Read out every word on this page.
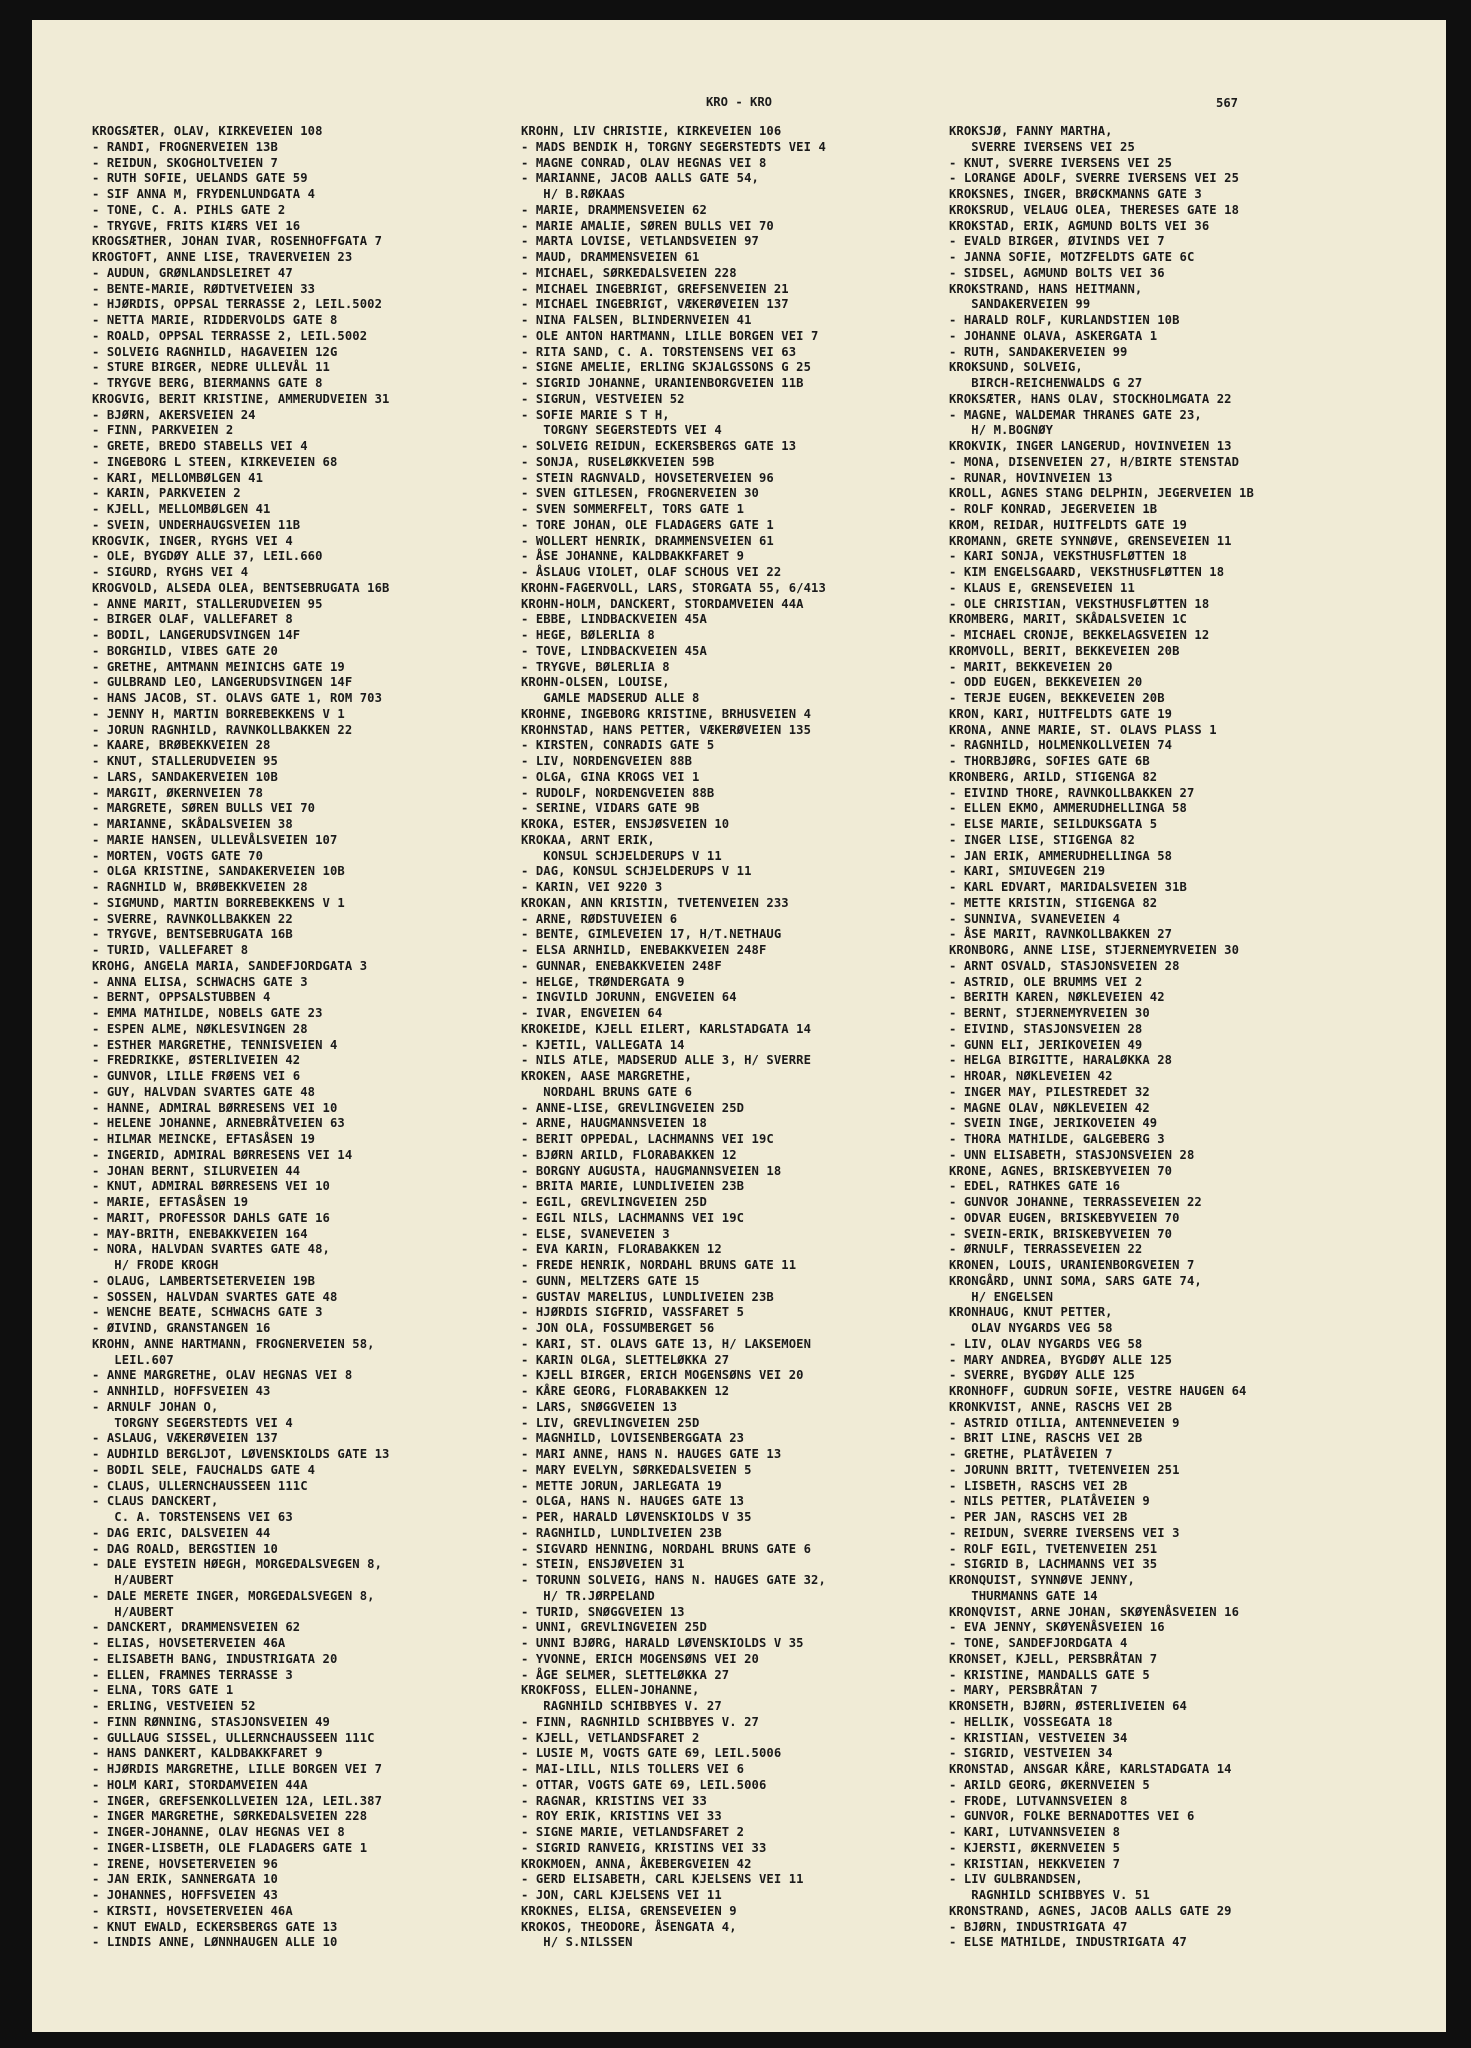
KRO - KRO	567
KROGSÆTER, OLAV, KIRKEVEIEN 108
- RANDI, FROGNERVEIEN 13B
- REIDUN, SKOGHOLTVEIEN 7
- RUTH SOFIE, UELANDS GATE 59
- SIF ANNA M, FRYDENLUNDGATA 4
- TONE, C. A. PIHLS GATE 2
- TRYGVE, FRITS KIÆRS VEI 16
KROGSÆTHER, JOHAN IVAR, ROSENHOFFGATA 7
KROGTOFT, ANNE LISE, TRAVERVEIEN 23
- AUDUN, GRØNLANDSLEIRET 47
- BENTE-MARIE, RØDTVETVEIEN 33
- HJØRDIS, OPPSAL TERRASSE 2, LEIL.5002
- NETTA MARIE, RIDDERVOLDS GATE 8
- ROALD, OPPSAL TERRASSE 2, LEIL.5002
- SOLVEIG RAGNHILD, HAGAVEIEN 12G
- STURE BIRGER, NEDRE ULLEVÅL 11
- TRYGVE BERG, BIERMANNS GATE 8
KROGVIG, BERIT KRISTINE, AMMERUDVEIEN 31
- BJØRN, AKERSVEIEN 24
- FINN, PARKVEIEN 2
- GRETE, BREDO STABELLS VEI 4
- INGEBORG L STEEN, KIRKEVEIEN 68
- KARI, MELLOMBØLGEN 41
- KARIN, PARKVEIEN 2
- KJELL, MELLOMBØLGEN 41
- SVEIN, UNDERHAUGSVEIEN 11B
KROGVIK, INGER, RYGHS VEI 4
- OLE, BYGDØY ALLE 37, LEIL.660
- SIGURD, RYGHS VEI 4
KROGVOLD, ALSEDA OLEA, BENTSEBRUGATA 16B
- ANNE MARIT, STALLERUDVEIEN 95
- BIRGER OLAF, VALLEFARET 8
- BODIL, LANGERUDSVINGEN 14F
- BORGHILD, VIBES GATE 20
- GRETHE, AMTMANN MEINICHS GATE 19
- GULBRAND LEO, LANGERUDSVINGEN 14F
- HANS JACOB, ST. OLAVS GATE 1, ROM 703
- JENNY H, MARTIN BORREBEKKENS V 1
- JORUN RAGNHILD, RAVNKOLLBAKKEN 22
- KAARE, BRØBEKKVEIEN 28
- KNUT, STALLERUDVEIEN 95
- LARS, SANDAKERVEIEN 10B
- MARGIT, ØKERNVEIEN 78
- MARGRETE, SØREN BULLS VEI 70
- MARIANNE, SKÅDALSVEIEN 38
- MARIE HANSEN, ULLEVÅLSVEIEN 107
- MORTEN, VOGTS GATE 70
- OLGA KRISTINE, SANDAKERVEIEN 10B
- RAGNHILD W, BRØBEKKVEIEN 28
- SIGMUND, MARTIN BORREBEKKENS V 1
- SVERRE, RAVNKOLLBAKKEN 22
- TRYGVE, BENTSEBRUGATA 16B
- TURID, VALLEFARET 8
KROHG, ANGELA MARIA, SANDEFJORDGATA 3
- ANNA ELISA, SCHWACHS GATE 3
- BERNT, OPPSALSTUBBEN 4
- EMMA MATHILDE, NOBELS GATE 23
- ESPEN ALME, NØKLESVINGEN 28
- ESTHER MARGRETHE, TENNISVEIEN 4
- FREDRIKKE, ØSTERLIVEIEN 42
- GUNVOR, LILLE FRØENS VEI 6
- GUY, HALVDAN SVARTES GATE 48
- HANNE, ADMIRAL BØRRESENS VEI 10
- HELENE JOHANNE, ARNEBRÅTVEIEN 63
- HILMAR MEINCKE, EFTASÅSEN 19
- INGERID, ADMIRAL BØRRESENS VEI 14
- JOHAN BERNT, SILURVEIEN 44
- KNUT, ADMIRAL BØRRESENS VEI 10
- MARIE, EFTASÅSEN 19
- MARIT, PROFESSOR DAHLS GATE 16
- MAY-BRITH, ENEBAKKVEIEN 164
- NORA, HALVDAN SVARTES GATE 48,
H/ FRODE KROGH
- OLAUG, LAMBERTSETERVEIEN 19B
- SOSSEN, HALVDAN SVARTES GATE 48
- WENCHE BEATE, SCHWACHS GATE 3
- ØIVIND, GRANSTANGEN 16
KROHN, ANNE HARTMANN, FROGNERVEIEN 58,
LEIL.607
- ANNE MARGRETHE, OLAV HEGNAS VEI 8
- ANNHILD, HOFFSVEIEN 43
- ARNULF JOHAN O,
TORGNY SEGERSTEDTS VEI 4
- ASLAUG, VÆKERØVEIEN 137
- AUDHILD BERGLJOT, LØVENSKIOLDS GATE 13
- BODIL SELE, FAUCHALDS GATE 4
- CLAUS, ULLERNCHAUSSEEN 111C
- CLAUS DANCKERT,
C. A. TORSTENSENS VEI 63
- DAG ERIC, DALSVEIEN 44
- DAG ROALD, BERGSTIEN 10
- DALE EYSTEIN HØEGH, MORGEDALSVEGEN 8,
H/AUBERT
- DALE MERETE INGER, MORGEDALSVEGEN 8,
H/AUBERT
- DANCKERT, DRAMMENSVEIEN 62
- ELIAS, HOVSETERVEIEN 46A
- ELISABETH BANG, INDUSTRIGATA 20
- ELLEN, FRAMNES TERRASSE 3
- ELNA, TORS GATE 1
- ERLING, VESTVEIEN 52
- FINN RØNNING, STASJONSVEIEN 49
- GULLAUG SISSEL, ULLERNCHAUSSEEN 111C
- HANS DANKERT, KALDBAKKFARET 9
- HJØRDIS MARGRETHE, LILLE BORGEN VEI 7
- HOLM KARI, STORDAMVEIEN 44A
- INGER, GREFSENKOLLVEIEN 12A, LEIL.387
- INGER MARGRETHE, SØRKEDALSVEIEN 228
- INGER-JOHANNE, OLAV HEGNAS VEI 8
- INGER-LISBETH, OLE FLADAGERS GATE 1
- IRENE, HOVSETERVEIEN 96
- JAN ERIK, SANNERGATA 10
- JOHANNES, HOFFSVEIEN 43
- KIRSTI, HOVSETERVEIEN 46A
- KNUT EWALD, ECKERSBERGS GATE 13
- LINDIS ANNE, LØNNHAUGEN ALLE 10
KROHN, LIV CHRISTIE, KIRKEVEIEN 106
- MADS BENDIK H, TORGNY SEGERSTEDTS VEI 4
- MAGNE CONRAD, OLAV HEGNAS VEI 8
- MARIANNE, JACOB AALLS GATE 54,
H/ B.RØKAAS
- MARIE, DRAMMENSVEIEN 62
- MARIE AMALIE, SØREN BULLS VEI 70
- MARTA LOVISE, VETLANDSVEIEN 97
- MAUD, DRAMMENSVEIEN 61
- MICHAEL, SØRKEDALSVEIEN 228
- MICHAEL INGEBRIGT, GREFSENVEIEN 21
- MICHAEL INGEBRIGT, VÆKERØVEIEN 137
- NINA FALSEN, BLINDERNVEIEN 41
- OLE ANTON HARTMANN, LILLE BORGEN VEI 7
- RITA SAND, C. A. TORSTENSENS VEI 63
- SIGNE AMELIE, ERLING SKJALGSSONS G 25
- SIGRID JOHANNE, URANIENBORGVEIEN 11B
- SIGRUN, VESTVEIEN 52
- SOFIE MARIE S T H,
TORGNY SEGERSTEDTS VEI 4
- SOLVEIG REIDUN, ECKERSBERGS GATE 13
- SONJA, RUSELØKKVEIEN 59B
- STEIN RAGNVALD, HOVSETERVEIEN 96
- SVEN GITLESEN, FROGNERVEIEN 30
- SVEN SOMMERFELT, TORS GATE 1
- TORE JOHAN, OLE FLADAGERS GATE 1
- WOLLERT HENRIK, DRAMMENSVEIEN 61
- ÅSE JOHANNE, KALDBAKKFARET 9
- ÅSLAUG VIOLET, OLAF SCHOUS VEI 22
KROHN-FAGERVOLL, LARS, STORGATA 55, 6/413
KROHN-HOLM, DANCKERT, STORDAMVEIEN 44A
- EBBE, LINDBACKVEIEN 45A
- HEGE, BØLERLIA 8
- TOVE, LINDBACKVEIEN 45A
- TRYGVE, BØLERLIA 8
KROHN-OLSEN, LOUISE,
GAMLE MADSERUD ALLE 8
KROHNE, INGEBORG KRISTINE, BRHUSVEIEN 4
KROHNSTAD, HANS PETTER, VÆKERØVEIEN 135
- KIRSTEN, CONRADIS GATE 5
- LIV, NORDENGVEIEN 88B
- OLGA, GINA KROGS VEI 1
- RUDOLF, NORDENGVEIEN 88B
- SERINE, VIDARS GATE 9B
KROKA, ESTER, ENSJØSVEIEN 10
KROKAA, ARNT ERIK,
KONSUL SCHJELDERUPS V 11
- DAG, KONSUL SCHJELDERUPS V 11
- KARIN, VEI 9220 3
KROKAN, ANN KRISTIN, TVETENVEIEN 233
- ARNE, RØDSTUVEIEN 6
- BENTE, GIMLEVEIEN 17, H/T.NETHAUG
- ELSA ARNHILD, ENEBAKKVEIEN 248F
- GUNNAR, ENEBAKKVEIEN 248F
- HELGE, TRØNDERGATA 9
- INGVILD JORUNN, ENGVEIEN 64
- IVAR, ENGVEIEN 64
KROKEIDE, KJELL EILERT, KARLSTADGATA 14
- KJETIL, VALLEGATA 14
- NILS ATLE, MADSERUD ALLE 3, H/ SVERRE
KROKEN, AASE MARGRETHE,
NORDAHL BRUNS GATE 6
- ANNE-LISE, GREVLINGVEIEN 25D
- ARNE, HAUGMANNSVEIEN 18
- BERIT OPPEDAL, LACHMANNS VEI 19C
- BJØRN ARILD, FLORABAKKEN 12
- BORGNY AUGUSTA, HAUGMANNSVEIEN 18
- BRITA MARIE, LUNDLIVEIEN 23B
- EGIL, GREVLINGVEIEN 25D
- EGIL NILS, LACHMANNS VEI 19C
- ELSE, SVANEVEIEN 3
- EVA KARIN, FLORABAKKEN 12
- FREDE HENRIK, NORDAHL BRUNS GATE 11
- GUNN, MELTZERS GATE 15
- GUSTAV MARELIUS, LUNDLIVEIEN 23B
- HJØRDIS SIGFRID, VASSFARET 5
- JON OLA, FOSSUMBERGET 56
- KARI, ST. OLAVS GATE 13, H/ LAKSEMOEN
- KARIN OLGA, SLETTELØKKA 27
- KJELL BIRGER, ERICH MOGENSØNS VEI 20
- KÅRE GEORG, FLORABAKKEN 12
- LARS, SNØGGVEIEN 13
- LIV, GREVLINGVEIEN 25D
- MAGNHILD, LOVISENBERGGATA 23
- MARI ANNE, HANS N. HAUGES GATE 13
- MARY EVELYN, SØRKEDALSVEIEN 5
- METTE JORUN, JARLEGATA 19
- OLGA, HANS N. HAUGES GATE 13
- PER, HARALD LØVENSKIOLDS V 35
- RAGNHILD, LUNDLIVEIEN 23B
- SIGVARD HENNING, NORDAHL BRUNS GATE 6
- STEIN, ENSJØVEIEN 31
- TORUNN SOLVEIG, HANS N. HAUGES GATE 32,
H/ TR.JØRPELAND
- TURID, SNØGGVEIEN 13
- UNNI, GREVLINGVEIEN 25D
- UNNI BJØRG, HARALD LØVENSKIOLDS V 35
- YVONNE, ERICH MOGENSØNS VEI 20
- ÅGE SELMER, SLETTELØKKA 27
KROKFOSS, ELLEN-JOHANNE,
RAGNHILD SCHIBBYES V. 27
- FINN, RAGNHILD SCHIBBYES V. 27
- KJELL, VETLANDSFARET 2
- LUSIE M, VOGTS GATE 69, LEIL.5006
- MAI-LILL, NILS TOLLERS VEI 6
- OTTAR, VOGTS GATE 69, LEIL.5006
- RAGNAR, KRISTINS VEI 33
- ROY ERIK, KRISTINS VEI 33
- SIGNE MARIE, VETLANDSFARET 2
- SIGRID RANVEIG, KRISTINS VEI 33
KROKMOEN, ANNA, ÅKEBERGVEIEN 42
- GERD ELISABETH, CARL KJELSENS VEI 11
- JON, CARL KJELSENS VEI 11
KROKNES, ELISA, GRENSEVEIEN 9
KROKOS, THEODORE, ÅSENGATA 4,
H/ S.NILSSEN
KROKSJØ, FANNY MARTHA,
SVERRE IVERSENS VEI 25
- KNUT, SVERRE IVERSENS VEI 25
- LORANGE ADOLF, SVERRE IVERSENS VEI 25
KROKSNES, INGER, BRØCKMANNS GATE 3
KROKSRUD, VELAUG OLEA, THERESES GATE 18
KROKSTAD, ERIK, AGMUND BOLTS VEI 36
- EVALD BIRGER, ØIVINDS VEI 7
- JANNA SOFIE, MOTZFELDTS GATE 6C
- SIDSEL, AGMUND BOLTS VEI 36
KROKSTRAND, HANS HEITMANN,
SANDAKERVEIEN 99
- HARALD ROLF, KURLANDSTIEN 10B
- JOHANNE OLAVA, ASKERGATA 1
- RUTH, SANDAKERVEIEN 99
KROKSUND, SOLVEIG,
BIRCH-REICHENWALDS G 27
KROKSÆTER, HANS OLAV, STOCKHOLMGATA 22
- MAGNE, WALDEMAR THRANES GATE 23,
H/ M.BOGNØY
KROKVIK, INGER LANGERUD, HOVINVEIEN 13
- MONA, DISENVEIEN 27, H/BIRTE STENSTAD
- RUNAR, HOVINVEIEN 13
KROLL, AGNES STANG DELPHIN, JEGERVEIEN 1B
- ROLF KONRAD, JEGERVEIEN 1B
KROM, REIDAR, HUITFELDTS GATE 19
KROMANN, GRETE SYNNØVE, GRENSEVEIEN 11
- KARI SONJA, VEKSTHUSFLØTTEN 18
- KIM ENGELSGAARD, VEKSTHUSFLØTTEN 18
- KLAUS E, GRENSEVEIEN 11
- OLE CHRISTIAN, VEKSTHUSFLØTTEN 18
KROMBERG, MARIT, SKÅDALSVEIEN 1C
- MICHAEL CRONJE, BEKKELAGSVEIEN 12
KROMVOLL, BERIT, BEKKEVEIEN 20B
- MARIT, BEKKEVEIEN 20
- ODD EUGEN, BEKKEVEIEN 20
- TERJE EUGEN, BEKKEVEIEN 20B
KRON, KARI, HUITFELDTS GATE 19
KRONA, ANNE MARIE, ST. OLAVS PLASS 1
- RAGNHILD, HOLMENKOLLVEIEN 74
- THORBJØRG, SOFIES GATE 6B
KRONBERG, ARILD, STIGENGA 82
- EIVIND THORE, RAVNKOLLBAKKEN 27
- ELLEN EKMO, AMMERUDHELLINGA 58
- ELSE MARIE, SEILDUKSGATA 5
- INGER LISE, STIGENGA 82
- JAN ERIK, AMMERUDHELLINGA 58
- KARI, SMIUVEGEN 219
- KARL EDVART, MARIDALSVEIEN 31B
- METTE KRISTIN, STIGENGA 82
- SUNNIVA, SVANEVEIEN 4
- ÅSE MARIT, RAVNKOLLBAKKEN 27
KRONBORG, ANNE LISE, STJERNEMYRVEIEN 30
- ARNT OSVALD, STASJONSVEIEN 28
- ASTRID, OLE BRUMMS VEI 2
- BERITH KAREN, NØKLEVEIEN 42
- BERNT, STJERNEMYRVEIEN 30
- EIVIND, STASJONSVEIEN 28
- GUNN ELI, JERIKOVEIEN 49
- HELGA BIRGITTE, HARALØKKA 28
- HROAR, NØKLEVEIEN 42
- INGER MAY, PILESTREDET 32
- MAGNE OLAV, NØKLEVEIEN 42
- SVEIN INGE, JERIKOVEIEN 49
- THORA MATHILDE, GALGEBERG 3
- UNN ELISABETH, STASJONSVEIEN 28
KRONE, AGNES, BRISKEBYVEIEN 70
- EDEL, RATHKES GATE 16
- GUNVOR JOHANNE, TERRASSEVEIEN 22
- ODVAR EUGEN, BRISKEBYVEIEN 70
- SVEIN-ERIK, BRISKEBYVEIEN 70
- ØRNULF, TERRASSEVEIEN 22
KRONEN, LOUIS, URANIENBORGVEIEN 7
KRONGÅRD, UNNI SOMA, SARS GATE 74,
H/ ENGELSEN
KRONHAUG, KNUT PETTER,
OLAV NYGARDS VEG 58
- LIV, OLAV NYGARDS VEG 58
- MARY ANDREA, BYGDØY ALLE 125
- SVERRE, BYGDØY ALLE 125
KRONHOFF, GUDRUN SOFIE, VESTRE HAUGEN 64
KRONKVIST, ANNE, RASCHS VEI 2B
- ASTRID OTILIA, ANTENNEVEIEN 9
- BRIT LINE, RASCHS VEI 2B
- GRETHE, PLATÅVEIEN 7
- JORUNN BRITT, TVETENVEIEN 251
- LISBETH, RASCHS VEI 2B
- NILS PETTER, PLATÅVEIEN 9
- PER JAN, RASCHS VEI 2B
- REIDUN, SVERRE IVERSENS VEI 3
- ROLF EGIL, TVETENVEIEN 251
- SIGRID B, LACHMANNS VEI 35
KRONQUIST, SYNNØVE JENNY,
THURMANNS GATE 14
KRONQVIST, ARNE JOHAN, SKØYENÅSVEIEN 16
- EVA JENNY, SKØYENÅSVEIEN 16
- TONE, SANDEFJORDGATA 4
KRONSET, KJELL, PERSBRÅTAN 7
- KRISTINE, MANDALLS GATE 5
- MARY, PERSBRÅTAN 7
KRONSETH, BJØRN, ØSTERLIVEIEN 64
- HELLIK, VOSSEGATA 18
- KRISTIAN, VESTVEIEN 34
- SIGRID, VESTVEIEN 34
KRONSTAD, ANSGAR KÅRE, KARLSTADGATA 14
- ARILD GEORG, ØKERNVEIEN 5
- FRODE, LUTVANNSVEIEN 8
- GUNVOR, FOLKE BERNADOTTES VEI 6
- KARI, LUTVANNSVEIEN 8
- KJERSTI, ØKERNVEIEN 5
- KRISTIAN, HEKKVEIEN 7
- LIV GULBRANDSEN,
RAGNHILD SCHIBBYES V. 51
KRONSTRAND, AGNES, JACOB AALLS GATE 29
- BJØRN, INDUSTRIGATA 47
- ELSE MATHILDE, INDUSTRIGATA 47
